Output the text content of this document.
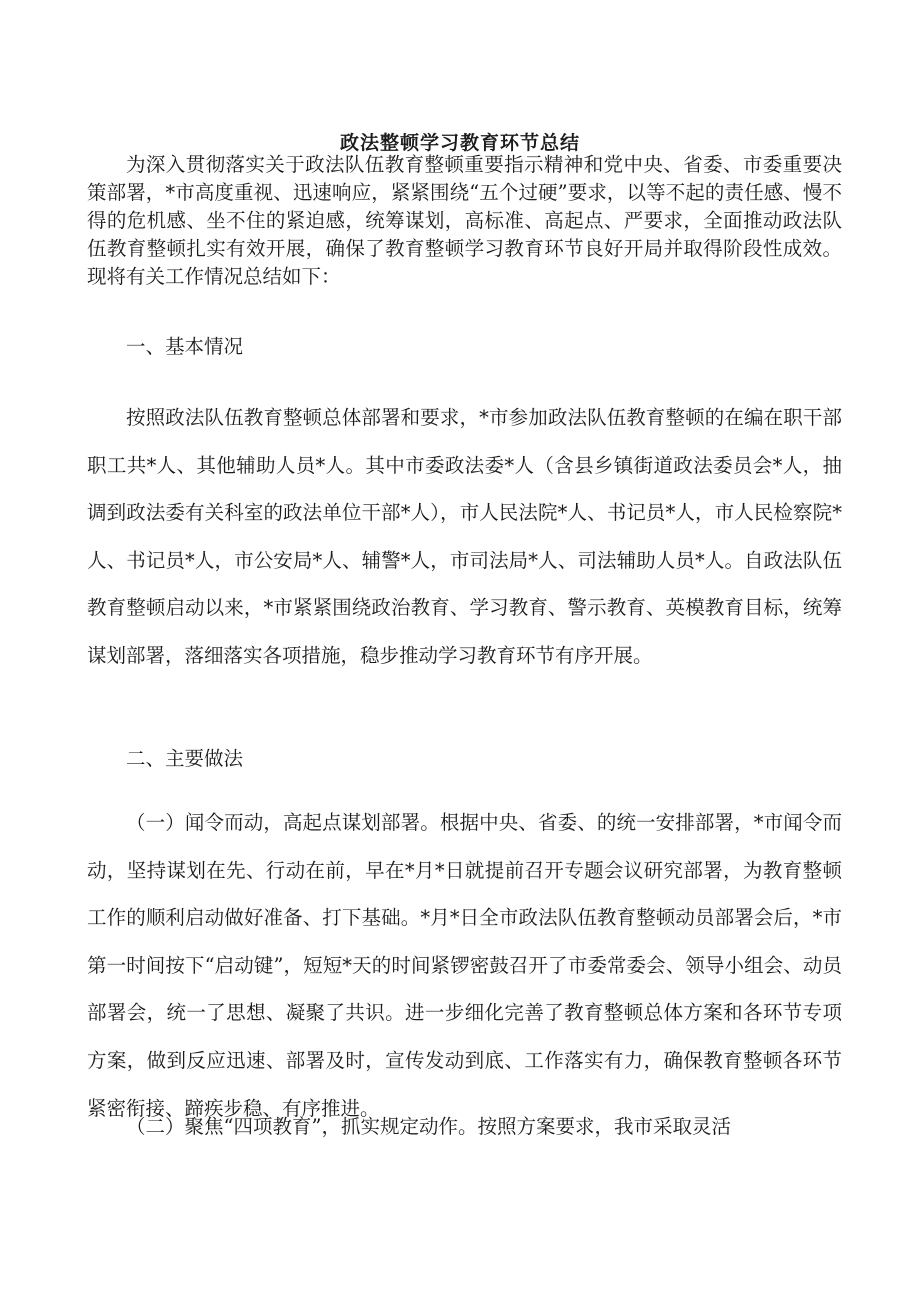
政法整顿学习教育环节总结

为深入贯彻落实关于政法队伍教育整顿重要指示精神和党中央、省委、市委重要决策部署，*市高度重视、迅速响应，紧紧围绕“五个过硬”要求，以等不起的责任感、慢不得的危机感、坐不住的紧迫感，统筹谋划，高标准、高起点、严要求，全面推动政法队伍教育整顿扎实有效开展，确保了教育整顿学习教育环节良好开局并取得阶段性成效。现将有关工作情况总结如下：

一、基本情况

按照政法队伍教育整顿总体部署和要求，*市参加政法队伍教育整顿的在编在职干部职工共*人、其他辅助人员*人。其中市委政法委*人（含县乡镇街道政法委员会*人，抽调到政法委有关科室的政法单位干部*人），市人民法院*人、书记员*人，市人民检察院*人、书记员*人，市公安局*人、辅警*人，市司法局*人、司法辅助人员*人。自政法队伍教育整顿启动以来，*市紧紧围绕政治教育、学习教育、警示教育、英模教育目标，统筹谋划部署，落细落实各项措施，稳步推动学习教育环节有序开展。

二、主要做法

（一）闻令而动，高起点谋划部署。根据中央、省委、的统一安排部署，*市闻令而动，坚持谋划在先、行动在前，早在*月*日就提前召开专题会议研究部署，为教育整顿工作的顺利启动做好准备、打下基础。*月*日全市政法队伍教育整顿动员部署会后，*市第一时间按下“启动键”，短短*天的时间紧锣密鼓召开了市委常委会、领导小组会、动员部署会，统一了思想、凝聚了共识。进一步细化完善了教育整顿总体方案和各环节专项方案，做到反应迅速、部署及时，宣传发动到底、工作落实有力，确保教育整顿各环节紧密衔接、蹄疾步稳、有序推进。

（二）聚焦“四项教育”，抓实规定动作。按照方案要求，我市采取灵活
